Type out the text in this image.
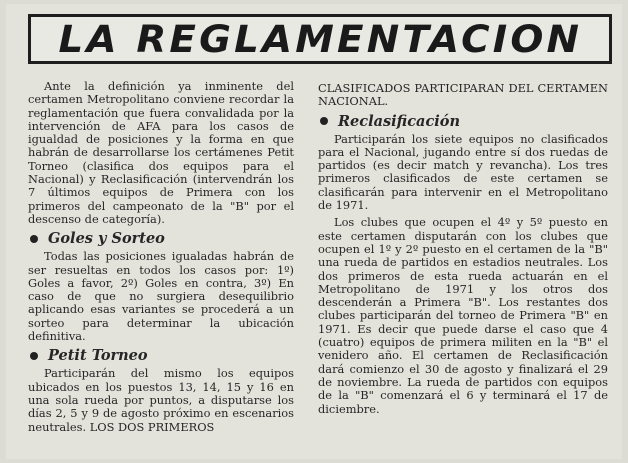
LA REGLAMENTACION

Ante la definición ya inminente del certamen Metropolitano conviene recordar la reglamentación que fuera convalidada por la intervención de AFA para los casos de igualdad de posiciones y la forma en que habrán de desarrollarse los certámenes Petit Torneo (clasifica dos equipos para el Nacional) y Reclasificación (intervendrán los 7 últimos equipos de Primera con los primeros del campeonato de la "B" por el descenso de categoría).

Goles y Sorteo

Todas las posiciones igualadas habrán de ser resueltas en todos los casos por: 1º) Goles a favor, 2º) Goles en contra, 3º) En caso de que no surgiera desequilibrio aplicando esas variantes se procederá a un sorteo para determinar la ubicación definitiva.

Petit Torneo

Participarán del mismo los equipos ubicados en los puestos 13, 14, 15 y 16 en una sola rueda por puntos, a disputarse los días 2, 5 y 9 de agosto próximo en escenarios neutrales. LOS DOS PRIMEROS

CLASIFICADOS PARTICIPARAN DEL CERTAMEN NACIONAL.

Reclasificación

Participarán los siete equipos no clasificados para el Nacional, jugando entre sí dos ruedas de partidos (es decir match y revancha). Los tres primeros clasificados de este certamen se clasificarán para intervenir en el Metropolitano de 1971.

Los clubes que ocupen el 4º y 5º puesto en este certamen disputarán con los clubes que ocupen el 1º y 2º puesto en el certamen de la "B" una rueda de partidos en estadios neutrales. Los dos primeros de esta rueda actuarán en el Metropolitano de 1971 y los otros dos descenderán a Primera "B". Los restantes dos clubes participarán del torneo de Primera "B" en 1971. Es decir que puede darse el caso que 4 (cuatro) equipos de primera militen en la "B" el venidero año. El certamen de Reclasificación dará comienzo el 30 de agosto y finalizará el 29 de noviembre. La rueda de partidos con equipos de la "B" comenzará el 6 y terminará el 17 de diciembre.
